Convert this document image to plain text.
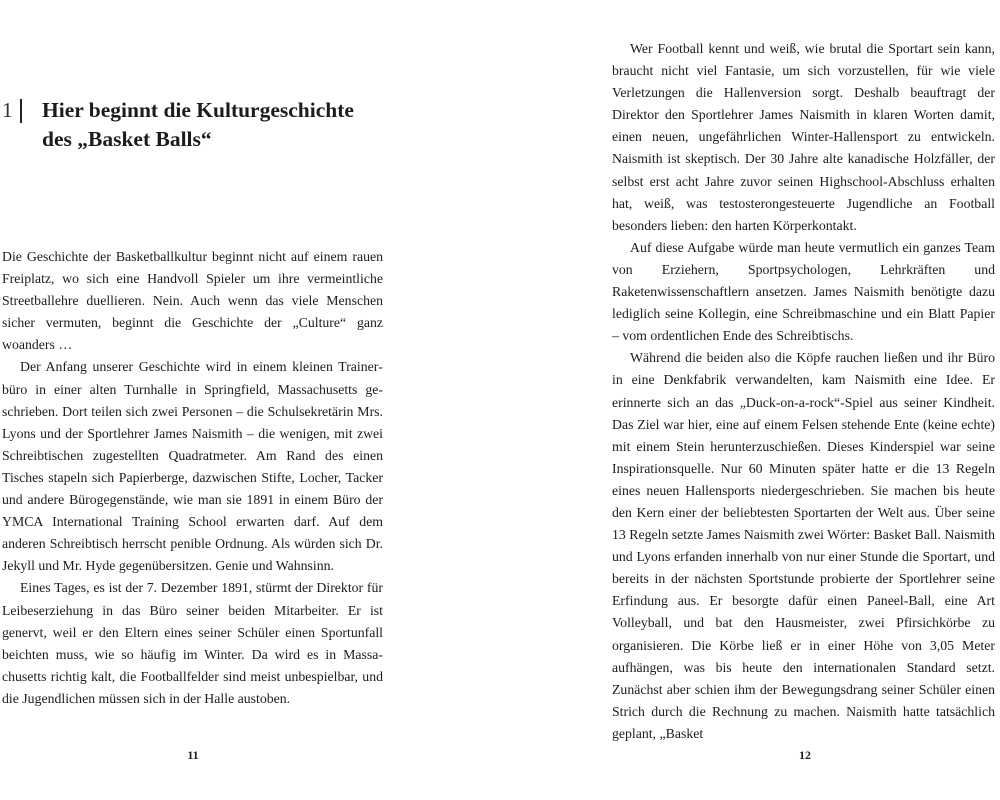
1 Hier beginnt die Kulturgeschichte
des „Basket Balls“

Die Geschichte der Basketballkultur beginnt nicht auf einem rauen Freiplatz, wo sich eine Handvoll Spieler um ihre vermeintliche Streetballehre duellieren. Nein. Auch wenn das viele Menschen sicher vermuten, beginnt die Geschichte der „Culture“ ganz woanders …

Der Anfang unserer Geschichte wird in einem kleinen Trainerbüro in einer alten Turnhalle in Springfield, Massachusetts geschrieben. Dort teilen sich zwei Personen – die Schulsekretärin Mrs. Lyons und der Sportlehrer James Naismith – die wenigen, mit zwei Schreibtischen zugestellten Quadratmeter. Am Rand des einen Tisches stapeln sich Papierberge, dazwischen Stifte, Locher, Tacker und andere Bürogegenstände, wie man sie 1891 in einem Büro der YMCA International Training School erwarten darf. Auf dem anderen Schreibtisch herrscht penible Ordnung. Als würden sich Dr. Jekyll und Mr. Hyde gegenübersitzen. Genie und Wahnsinn.

Eines Tages, es ist der 7. Dezember 1891, stürmt der Direktor für Leibeserziehung in das Büro seiner beiden Mitarbeiter. Er ist genervt, weil er den Eltern eines seiner Schüler einen Sportunfall beichten muss, wie so häufig im Winter. Da wird es in Massachusetts richtig kalt, die Footballfelder sind meist unbespielbar, und die Jugendlichen müssen sich in der Halle austoben.

11

Wer Football kennt und weiß, wie brutal die Sportart sein kann, braucht nicht viel Fantasie, um sich vorzustellen, für wie viele Verletzungen die Hallenversion sorgt. Deshalb beauftragt der Direktor den Sportlehrer James Naismith in klaren Worten damit, einen neuen, ungefährlichen Winter-Hallensport zu entwickeln. Naismith ist skeptisch. Der 30 Jahre alte kanadische Holzfäller, der selbst erst acht Jahre zuvor seinen Highschool-Abschluss erhalten hat, weiß, was testosterongesteuerte Jugendliche an Football besonders lieben: den harten Körperkontakt.

Auf diese Aufgabe würde man heute vermutlich ein ganzes Team von Erziehern, Sportpsychologen, Lehrkräften und Raketenwissenschaftlern ansetzen. James Naismith benötigte dazu lediglich seine Kollegin, eine Schreibmaschine und ein Blatt Papier – vom ordentlichen Ende des Schreibtischs.

Während die beiden also die Köpfe rauchen ließen und ihr Büro in eine Denkfabrik verwandelten, kam Naismith eine Idee. Er erinnerte sich an das „Duck-on-a-rock“-Spiel aus seiner Kindheit. Das Ziel war hier, eine auf einem Felsen stehende Ente (keine echte) mit einem Stein herunterzuschießen. Dieses Kinderspiel war seine Inspirationsquelle. Nur 60 Minuten später hatte er die 13 Regeln eines neuen Hallensports niedergeschrieben. Sie machen bis heute den Kern einer der beliebtesten Sportarten der Welt aus. Über seine 13 Regeln setzte James Naismith zwei Wörter: Basket Ball. Naismith und Lyons erfanden innerhalb von nur einer Stunde die Sportart, und bereits in der nächsten Sportstunde probierte der Sportlehrer seine Erfindung aus. Er besorgte dafür einen Paneel-Ball, eine Art Volleyball, und bat den Hausmeister, zwei Pfirsichkörbe zu organisieren. Die Körbe ließ er in einer Höhe von 3,05 Meter aufhängen, was bis heute den internationalen Standard setzt. Zunächst aber schien ihm der Bewegungsdrang seiner Schüler einen Strich durch die Rechnung zu machen. Naismith hatte tatsächlich geplant, „Basket

12
